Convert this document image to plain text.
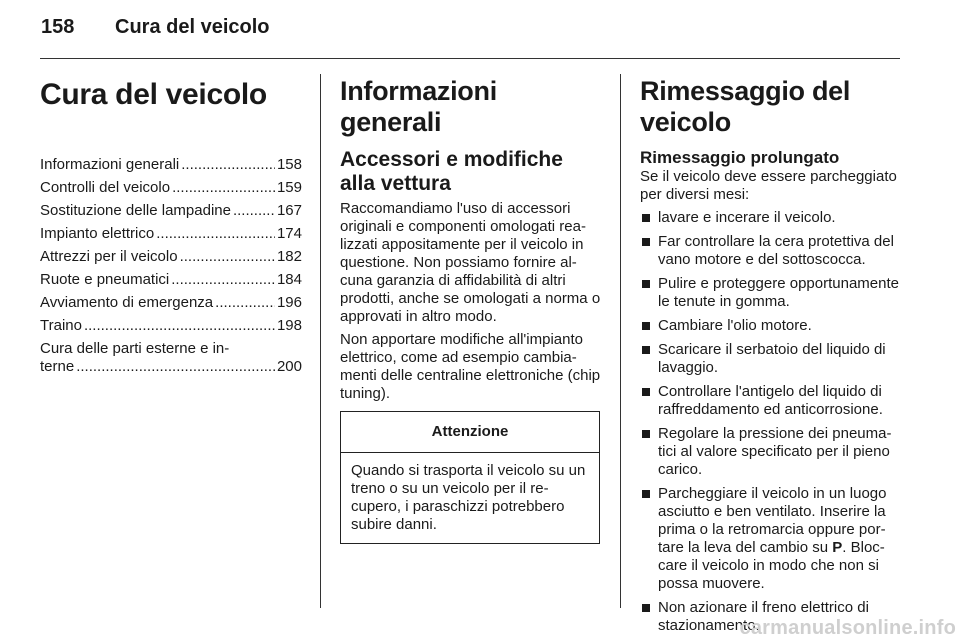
158 Cura del veicolo
Cura del veicolo
Informazioni generali .....	158
Controlli del veicolo .....	159
Sostituzione delle lampadine .....	167
Impianto elettrico .....	174
Attrezzi per il veicolo .....	182
Ruote e pneumatici .....	184
Avviamento di emergenza .....	196
Traino .....	198
Cura delle parti esterne e in-
terne .....	200
Informazioni generali
Accessori e modifiche alla vettura

Raccomandiamo l'uso di accessori originali e componenti omologati realizzati appositamente per il veicolo in questione. Non possiamo fornire alcuna garanzia di affidabilità di altri prodotti, anche se omologati a norma o approvati in altro modo.

Non apportare modifiche all'impianto elettrico, come ad esempio cambiamenti delle centraline elettroniche (chip tuning).

Attenzione
Quando si trasporta il veicolo su un treno o su un veicolo per il recupero, i paraschizzi potrebbero subire danni.
Rimessaggio del veicolo
Rimessaggio prolungato

Se il veicolo deve essere parcheggiato per diversi mesi:

lavare e incerare il veicolo.
Far controllare la cera protettiva del vano motore e del sottoscocca.
Pulire e proteggere opportunamente le tenute in gomma.
Cambiare l'olio motore.
Scaricare il serbatoio del liquido di lavaggio.
Controllare l'antigelo del liquido di raffreddamento ed anticorrosione.
Regolare la pressione dei pneumatici al valore specificato per il pieno carico.
Parcheggiare il veicolo in un luogo asciutto e ben ventilato. Inserire la prima o la retromarcia oppure portare la leva del cambio su P. Bloccare il veicolo in modo che non si possa muovere.
Non azionare il freno elettrico di stazionamento.
carmanualsonline.info
